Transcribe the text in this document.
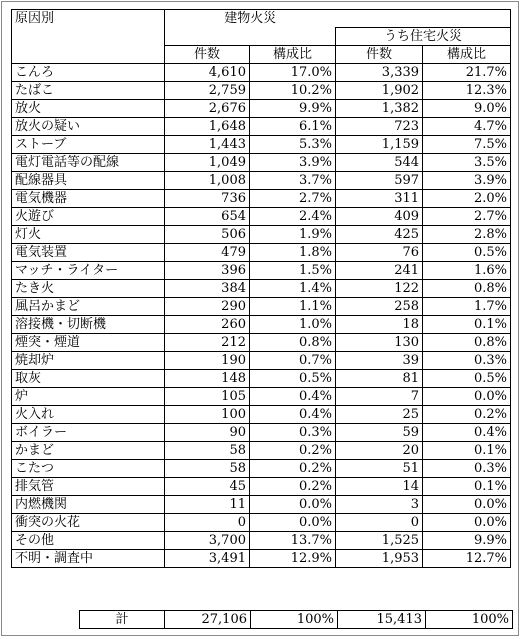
原因別	建物火災			
			うち住宅火災	
	件数	構成比	件数	構成比
こんろ	4,610	17.0%	3,339	21.7%
たばこ	2,759	10.2%	1,902	12.3%
放火	2,676	9.9%	1,382	9.0%
放火の疑い	1,648	6.1%	723	4.7%
ストーブ	1,443	5.3%	1,159	7.5%
電灯電話等の配線	1,049	3.9%	544	3.5%
配線器具	1,008	3.7%	597	3.9%
電気機器	736	2.7%	311	2.0%
火遊び	654	2.4%	409	2.7%
灯火	506	1.9%	425	2.8%
電気装置	479	1.8%	76	0.5%
マッチ・ライター	396	1.5%	241	1.6%
たき火	384	1.4%	122	0.8%
風呂かまど	290	1.1%	258	1.7%
溶接機・切断機	260	1.0%	18	0.1%
煙突・煙道	212	0.8%	130	0.8%
焼却炉	190	0.7%	39	0.3%
取灰	148	0.5%	81	0.5%
炉	105	0.4%	7	0.0%
火入れ	100	0.4%	25	0.2%
ボイラー	90	0.3%	59	0.4%
かまど	58	0.2%	20	0.1%
こたつ	58	0.2%	51	0.3%
排気管	45	0.2%	14	0.1%
内燃機関	11	0.0%	3	0.0%
衝突の火花	0	0.0%	0	0.0%
その他	3,700	13.7%	1,525	9.9%
不明・調査中	3,491	12.9%	1,953	12.7%
計	27,106	100%	15,413	100%
